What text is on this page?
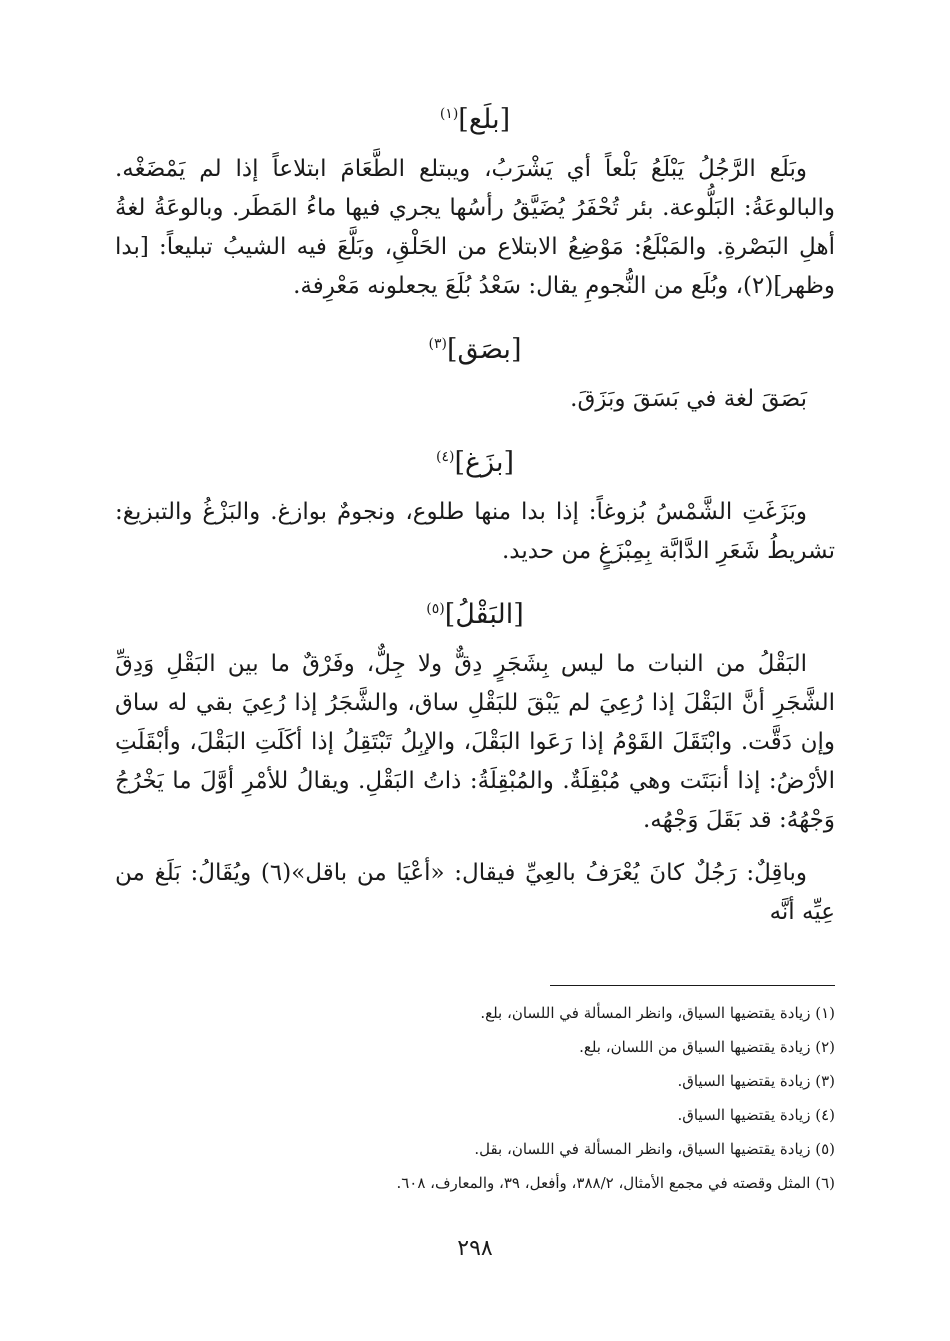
[بلَع]$^{(١)}$

وبَلَع الرَّجُلُ يَبْلَعُ بَلْعاً أي يَشْرَبُ، ويبتلع الطَّعَامَ ابتلاعاً إذا لم يَمْضَغْه. والبالوعَةُ: البَلُّوعة. بئر تُحْفَرُ يُضَيَّقُ رأسُها يجري فيها ماءُ المَطَر. وبالوعَةُ لغةُ أهلِ البَصْرةِ. والمَبْلَعُ: مَوْضِعُ الابتلاع من الحَلْقِ، وبَلَّعَ فيه الشيبُ تبليعاً: [بدا وظهر](٢)، وبُلَع من النُّجومِ يقال: سَعْدُ بُلَعَ يجعلونه مَعْرِفة.

[بصَق]$^{(٣)}$

بَصَقَ لغة في بَسَقَ وبَزَقَ.

[بزَغ]$^{(٤)}$

وبَزَغَتِ الشَّمْسُ بُزوغاً: إذا بدا منها طلوع، ونجومٌ بوازغ. والبَزْغُ والتبزيغ: تشريطُ شَعَرِ الدَّابَّة بِمِبْزَغٍ من حديد.

[البَقْلُ]$^{(٥)}$

البَقْلُ من النبات ما ليس بِشَجَرٍ دِقٌّ ولا جِلٌّ، وفَرْقٌ ما بين البَقْلِ وَدِقِّ الشَّجَرِ أنَّ البَقْلَ إذا رُعِيَ لم يَبْقَ للبَقْلِ ساق، والشَّجَرُ إذا رُعِيَ بقي له ساق وإن دَقَّت. وابْتَقَلَ القَوْمُ إذا رَعَوا البَقْلَ، والإبِلُ تَبْتَقِلُ إذا أكَلَتِ البَقْلَ، وأبْقَلَتِ الأرْضُ: إذا أنبَتَت وهي مُبْقِلَةٌ. والمُبْقِلَةُ: ذاتُ البَقْلِ. ويقالُ للأمْرِ أوَّلَ ما يَخْرُجُ وَجْهُهُ: قد بَقَلَ وَجْهُه.

وباقِلٌ: رَجُلٌ كانَ يُعْرَفُ بالعِيِّ فيقال: «أعْيَا من باقل»(٦) ويُقَالُ: بَلَغ من عِيِّه أنَّه

(١) زيادة يقتضيها السياق، وانظر المسألة في اللسان، بلع.
(٢) زيادة يقتضيها السياق من اللسان، بلع.
(٣) زيادة يقتضيها السياق.
(٤) زيادة يقتضيها السياق.
(٥) زيادة يقتضيها السياق، وانظر المسألة في اللسان، بقل.
(٦) المثل وقصته في مجمع الأمثال، ٣٨٨/٢، وأفعل، ٣٩، والمعارف، ٦٠٨.
٢٩٨
